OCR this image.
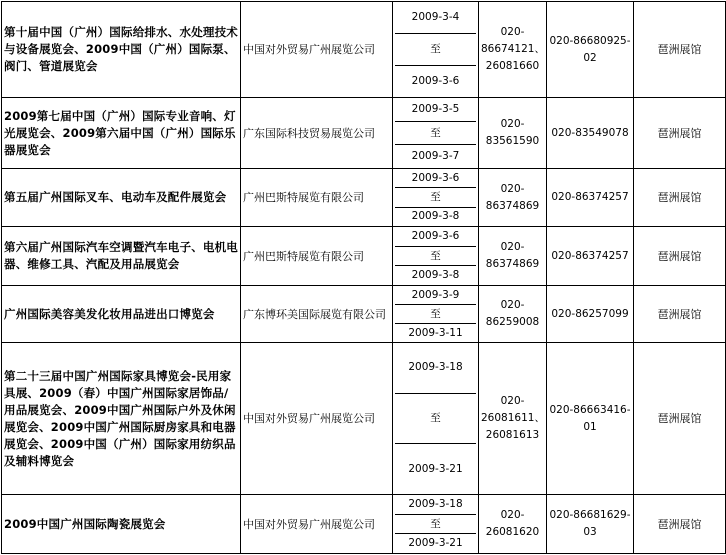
第十届中国（广州）国际给排水、水处理技术与设备展览会、2009中国（广州）国际泵、阀门、管道展览会	中国对外贸易广州展览公司	2009-3-4
至
2009-3-6	020-86674121、26081660	020-86680925-02	琶洲展馆
2009第七届中国（广州）国际专业音响、灯光展览会、2009第六届中国（广州）国际乐器展览会	广东国际科技贸易展览公司	2009-3-5
至
2009-3-7	020-83561590	020-83549078	琶洲展馆
第五届广州国际叉车、电动车及配件展览会	广州巴斯特展览有限公司	2009-3-6
至
2009-3-8	020-86374869	020-86374257	琶洲展馆
第六届广州国际汽车空调暨汽车电子、电机电器、维修工具、汽配及用品展览会	广州巴斯特展览有限公司	2009-3-6
至
2009-3-8	020-86374869	020-86374257	琶洲展馆
广州国际美容美发化妆用品进出口博览会	广东博环美国际展览有限公司	2009-3-9
至
2009-3-11	020-86259008	020-86257099	琶洲展馆
第二十三届中国广州国际家具博览会-民用家具展、2009（春）中国广州国际家居饰品/用品展览会、2009中国广州国际户外及休闲展览会、2009中国广州国际厨房家具和电器展览会、2009中国（广州）国际家用纺织品及辅料博览会	中国对外贸易广州展览公司	2009-3-18
至
2009-3-21	020-26081611、26081613	020-86663416-01	琶洲展馆
2009中国广州国际陶瓷展览会	中国对外贸易广州展览公司	2009-3-18
至
2009-3-21	020-26081620	020-86681629-03	琶洲展馆
